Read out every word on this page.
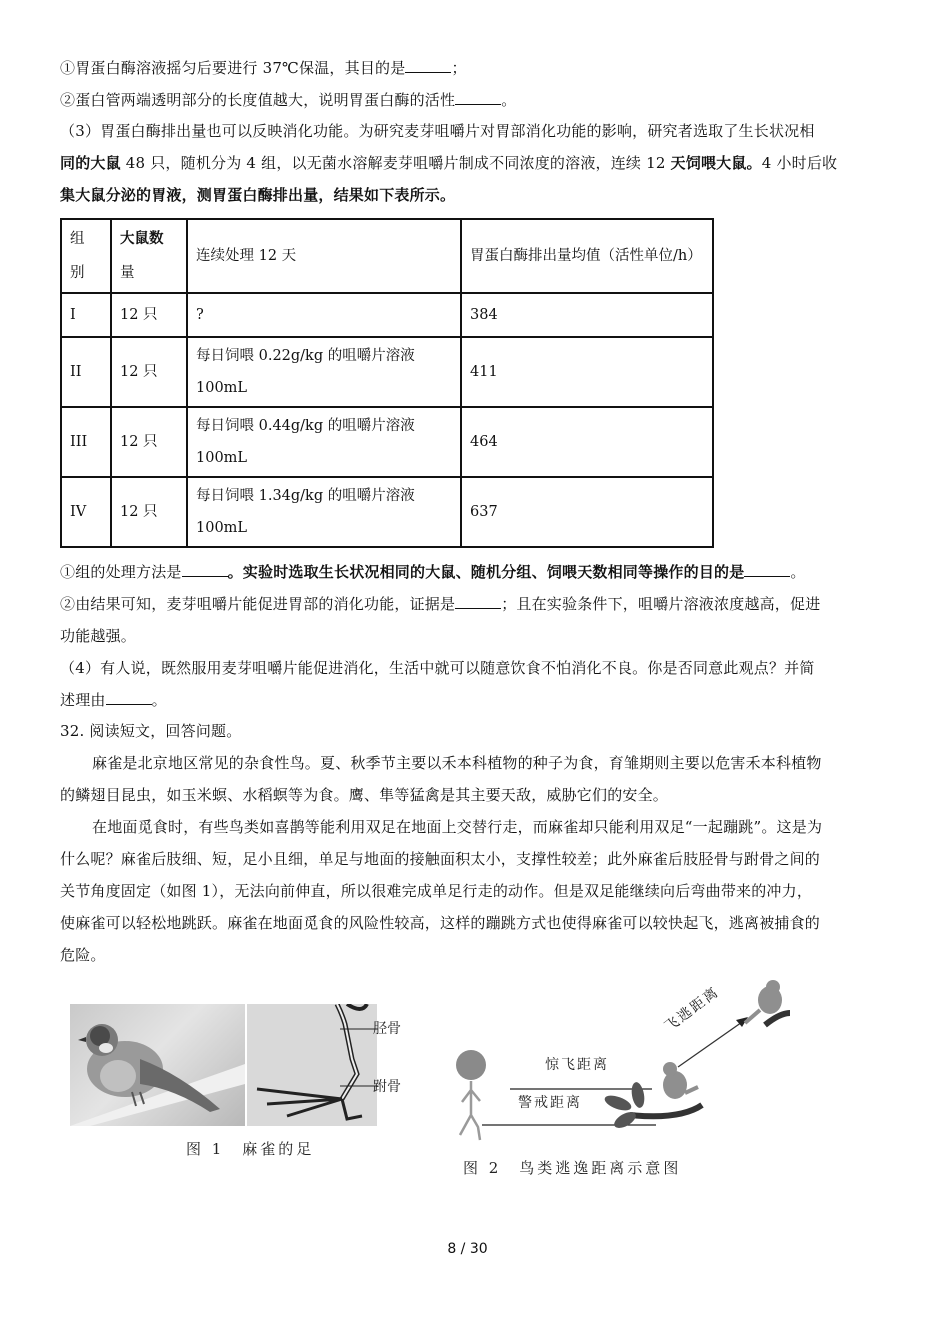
①胃蛋白酶溶液摇匀后要进行 37℃保温，其目的是	；
②蛋白管两端透明部分的长度值越大，说明胃蛋白酶的活性	。
（3）胃蛋白酶排出量也可以反映消化功能。为研究麦芽咀嚼片对胃部消化功能的影响，研究者选取了生长状况相
同的大鼠 48 只，随机分为 4 组，以无菌水溶解麦芽咀嚼片制成不同浓度的溶液，连续 12 天饲喂大鼠。4 小时后收
集大鼠分泌的胃液，测胃蛋白酶排出量，结果如下表所示。
组别	大鼠数量	连续处理 12 天	胃蛋白酶排出量均值（活性单位/h）

I	12 只	?	384
II	12 只	每日饲喂 0.22g/kg 的咀嚼片溶液
100mL	411
III	12 只	每日饲喂 0.44g/kg 的咀嚼片溶液
100mL	464
IV	12 只	每日饲喂 1.34g/kg 的咀嚼片溶液
100mL	637
①组的处理方法是	。实验时选取生长状况相同的大鼠、随机分组、饲喂天数相同等操作的目的是	。
②由结果可知，麦芽咀嚼片能促进胃部的消化功能，证据是	；且在实验条件下，咀嚼片溶液浓度越高，促进
功能越强。
（4）有人说，既然服用麦芽咀嚼片能促进消化，生活中就可以随意饮食不怕消化不良。你是否同意此观点？并简
述理由	。
32. 阅读短文，回答问题。
麻雀是北京地区常见的杂食性鸟。夏、秋季节主要以禾本科植物的种子为食，育雏期则主要以危害禾本科植物
的鳞翅目昆虫，如玉米螟、水稻螟等为食。鹰、隼等猛禽是其主要天敌，威胁它们的安全。
在地面觅食时，有些鸟类如喜鹊等能利用双足在地面上交替行走，而麻雀却只能利用双足“一起蹦跳”。这是为
什么呢？麻雀后肢细、短，足小且细，单足与地面的接触面积太小，支撑性较差；此外麻雀后肢胫骨与跗骨之间的
关节角度固定（如图 1），无法向前伸直，所以很难完成单足行走的动作。但是双足能继续向后弯曲带来的冲力，
使麻雀可以轻松地跳跃。麻雀在地面觅食的风险性较高，这样的蹦跳方式也使得麻雀可以较快起飞，逃离被捕食的
危险。
胫骨
跗骨
图 1　麻雀的足
惊飞距离
警戒距离
飞逃距离
图 2　鸟类逃逸距离示意图
8 / 30
